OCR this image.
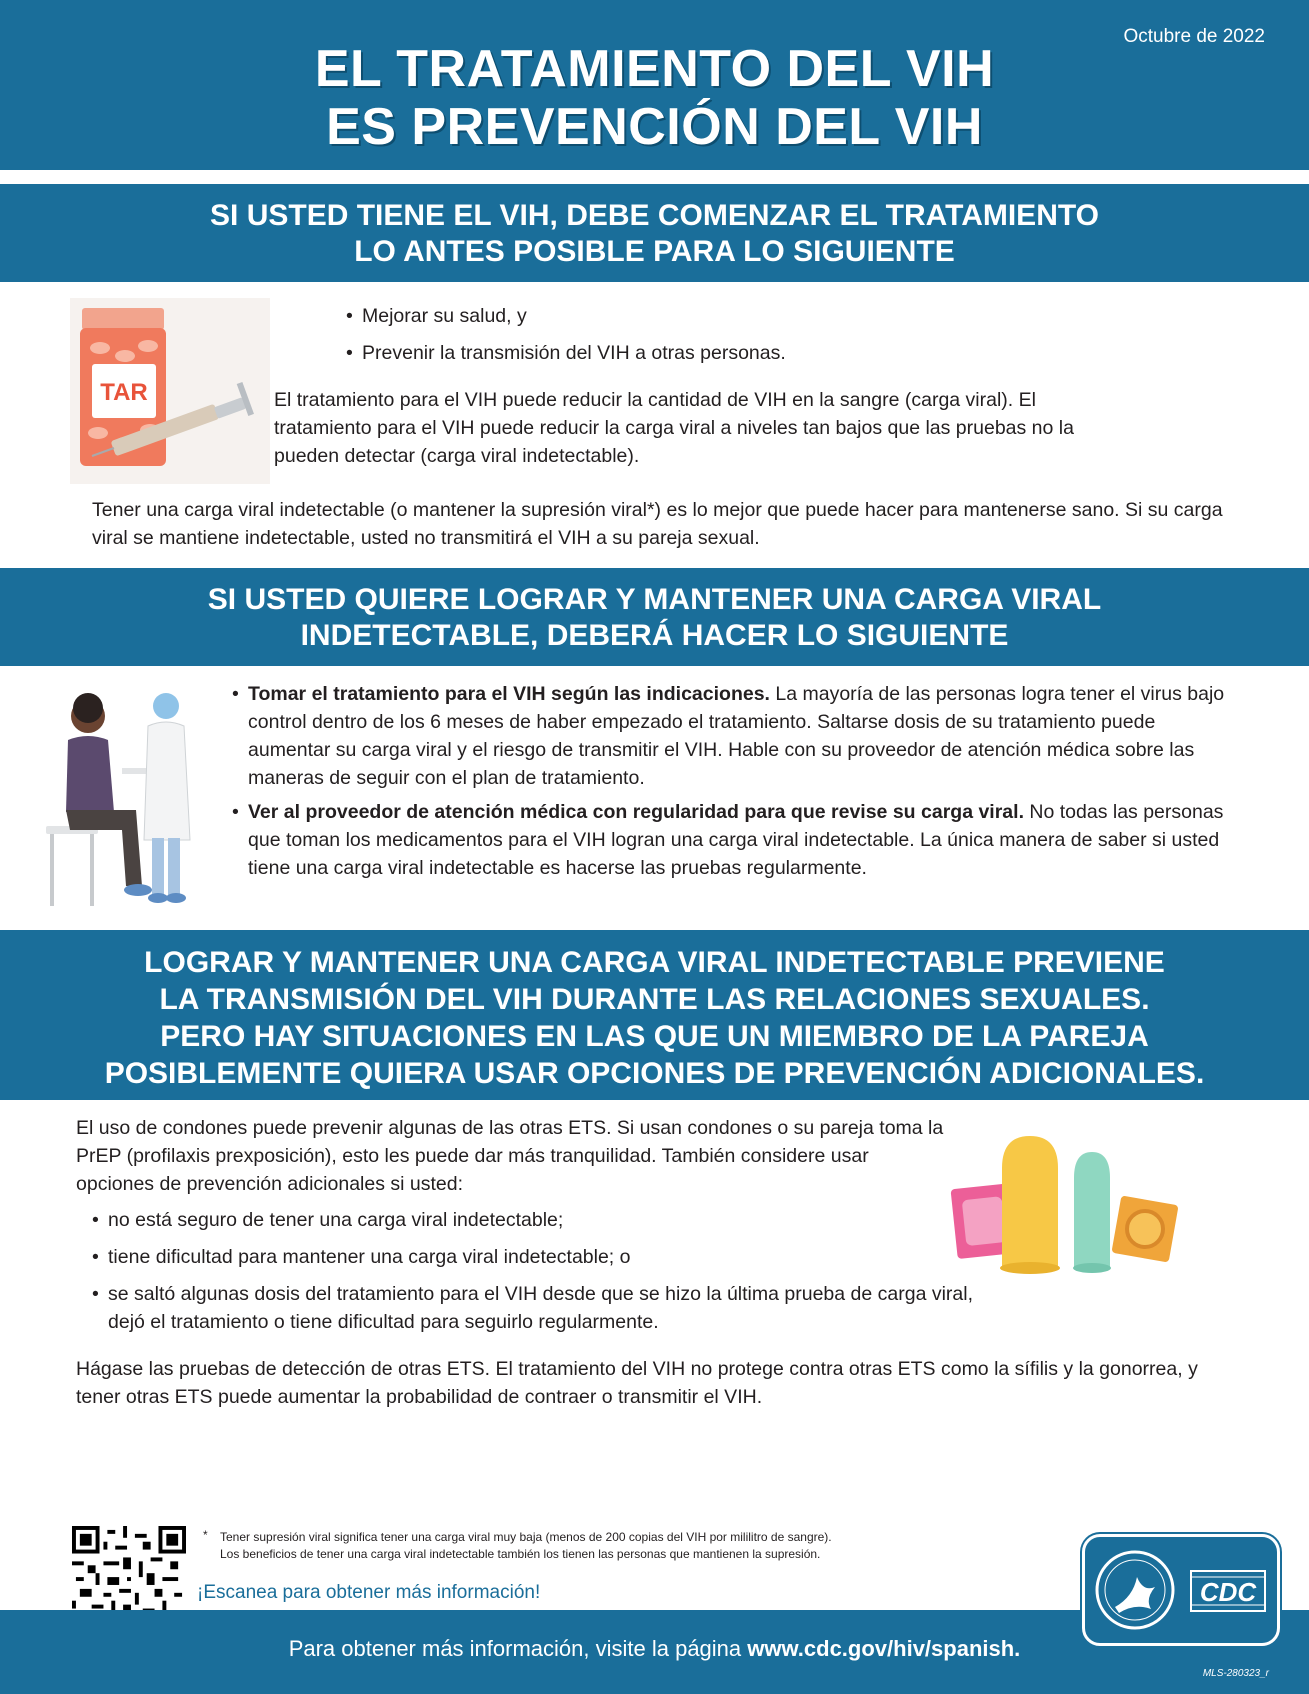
Octubre de 2022
EL TRATAMIENTO DEL VIH
ES PREVENCIÓN DEL VIH
SI USTED TIENE EL VIH, DEBE COMENZAR EL TRATAMIENTO
LO ANTES POSIBLE PARA LO SIGUIENTE
TAR
• Mejorar su salud, y
• Prevenir la transmisión del VIH a otras personas.

El tratamiento para el VIH puede reducir la cantidad de VIH en la sangre (carga viral). El tratamiento para el VIH puede reducir la carga viral a niveles tan bajos que las pruebas no la pueden detectar (carga viral indetectable).

Tener una carga viral indetectable (o mantener la supresión viral*) es lo mejor que puede hacer para mantenerse sano. Si su carga viral se mantiene indetectable, usted no transmitirá el VIH a su pareja sexual.

SI USTED QUIERE LOGRAR Y MANTENER UNA CARGA VIRAL
INDETECTABLE, DEBERÁ HACER LO SIGUIENTE
• Tomar el tratamiento para el VIH según las indicaciones. La mayoría de las personas logra tener el virus bajo control dentro de los 6 meses de haber empezado el tratamiento. Saltarse dosis de su tratamiento puede aumentar su carga viral y el riesgo de transmitir el VIH. Hable con su proveedor de atención médica sobre las maneras de seguir con el plan de tratamiento.
• Ver al proveedor de atención médica con regularidad para que revise su carga viral. No todas las personas que toman los medicamentos para el VIH logran una carga viral indetectable. La única manera de saber si usted tiene una carga viral indetectable es hacerse las pruebas regularmente.
LOGRAR Y MANTENER UNA CARGA VIRAL INDETECTABLE PREVIENE
LA TRANSMISIÓN DEL VIH DURANTE LAS RELACIONES SEXUALES.
PERO HAY SITUACIONES EN LAS QUE UN MIEMBRO DE LA PAREJA
POSIBLEMENTE QUIERA USAR OPCIONES DE PREVENCIÓN ADICIONALES.

El uso de condones puede prevenir algunas de las otras ETS. Si usan condones o su pareja toma la PrEP (profilaxis prexposición), esto les puede dar más tranquilidad. También considere usar opciones de prevención adicionales si usted:

• no está seguro de tener una carga viral indetectable;
• tiene dificultad para mantener una carga viral indetectable; o
• se saltó algunas dosis del tratamiento para el VIH desde que se hizo la última prueba de carga viral, dejó el tratamiento o tiene dificultad para seguirlo regularmente.

Hágase las pruebas de detección de otras ETS. El tratamiento del VIH no protege contra otras ETS como la sífilis y la gonorrea, y tener otras ETS puede aumentar la probabilidad de contraer o transmitir el VIH.

* Tener supresión viral significa tener una carga viral muy baja (menos de 200 copias del VIH por mililitro de sangre).
Los beneficios de tener una carga viral indetectable también los tienen las personas que mantienen la supresión.
¡Escanea para obtener más información!
Para obtener más información, visite la página www.cdc.gov/hiv/spanish.
MLS-280323_r
CDC
